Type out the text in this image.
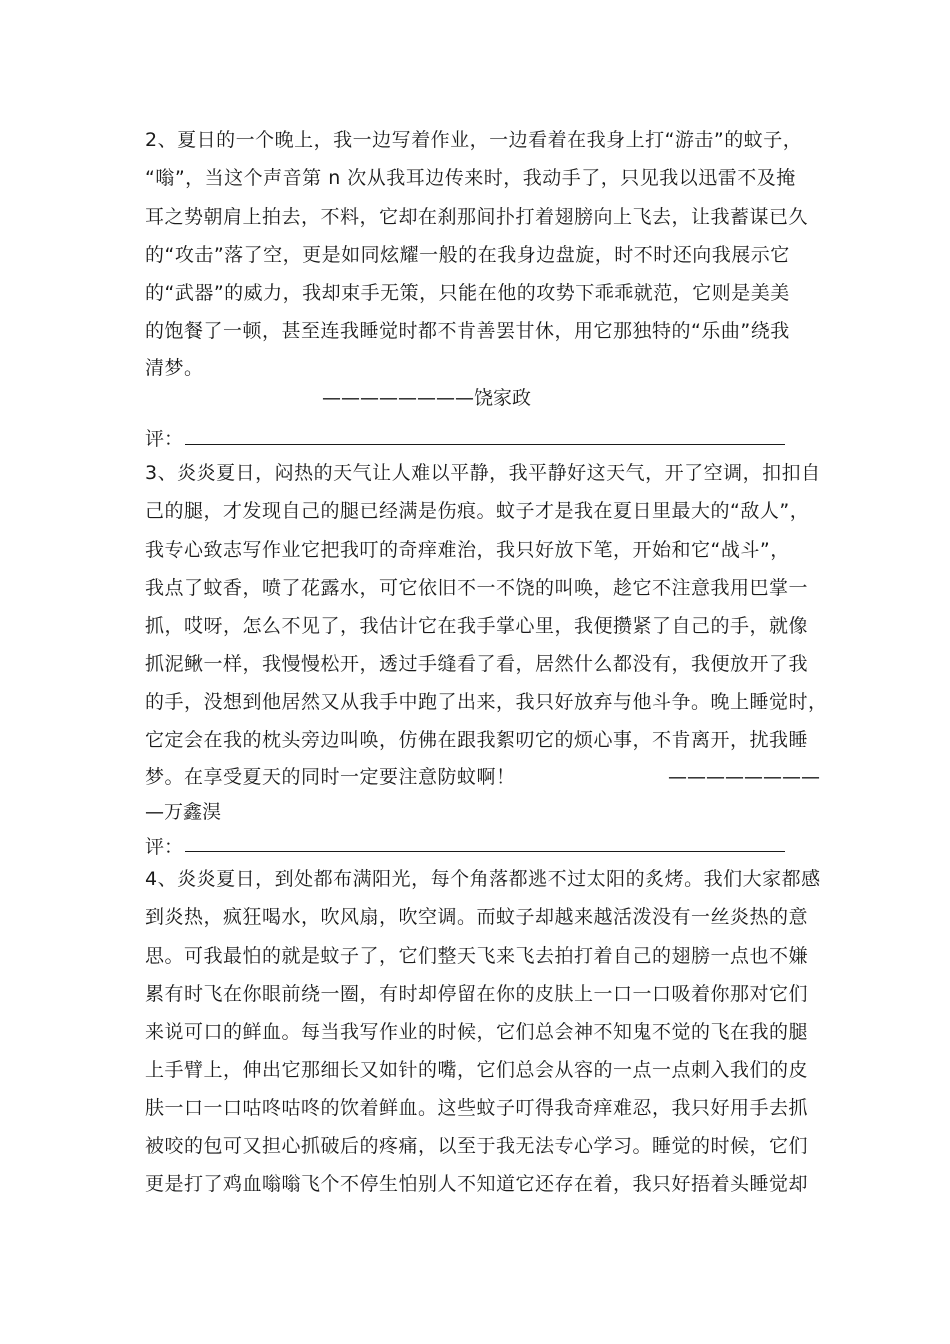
2、夏日的一个晚上，我一边写着作业，一边看着在我身上打“游击”的蚊子，
“嗡”，当这个声音第 n 次从我耳边传来时，我动手了，只见我以迅雷不及掩
耳之势朝肩上拍去，不料，它却在刹那间扑打着翅膀向上飞去，让我蓄谋已久
的“攻击”落了空，更是如同炫耀一般的在我身边盘旋，时不时还向我展示它
的“武器”的威力，我却束手无策，只能在他的攻势下乖乖就范，它则是美美
的饱餐了一顿，甚至连我睡觉时都不肯善罢甘休，用它那独特的“乐曲”绕我
清梦。
————————饶家政
评：
3、炎炎夏日，闷热的天气让人难以平静，我平静好这天气，开了空调，扣扣自
己的腿，才发现自己的腿已经满是伤痕。蚊子才是我在夏日里最大的“敌人”，
我专心致志写作业它把我叮的奇痒难治，我只好放下笔，开始和它“战斗”，
我点了蚊香，喷了花露水，可它依旧不一不饶的叫唤，趁它不注意我用巴掌一
抓，哎呀，怎么不见了，我估计它在我手掌心里，我便攒紧了自己的手，就像
抓泥鳅一样，我慢慢松开，透过手缝看了看，居然什么都没有，我便放开了我
的手，没想到他居然又从我手中跑了出来，我只好放弃与他斗争。晚上睡觉时，
它定会在我的枕头旁边叫唤，仿佛在跟我絮叨它的烦心事，不肯离开，扰我睡
梦。在享受夏天的同时一定要注意防蚊啊！	————————
—万鑫淏
评：
4、炎炎夏日，到处都布满阳光，每个角落都逃不过太阳的炙烤。我们大家都感
到炎热，疯狂喝水，吹风扇，吹空调。而蚊子却越来越活泼没有一丝炎热的意
思。可我最怕的就是蚊子了，它们整天飞来飞去拍打着自己的翅膀一点也不嫌
累有时飞在你眼前绕一圈，有时却停留在你的皮肤上一口一口吸着你那对它们
来说可口的鲜血。每当我写作业的时候，它们总会神不知鬼不觉的飞在我的腿
上手臂上，伸出它那细长又如针的嘴，它们总会从容的一点一点刺入我们的皮
肤一口一口咕咚咕咚的饮着鲜血。这些蚊子叮得我奇痒难忍，我只好用手去抓
被咬的包可又担心抓破后的疼痛，以至于我无法专心学习。睡觉的时候，它们
更是打了鸡血嗡嗡飞个不停生怕别人不知道它还存在着，我只好捂着头睡觉却
